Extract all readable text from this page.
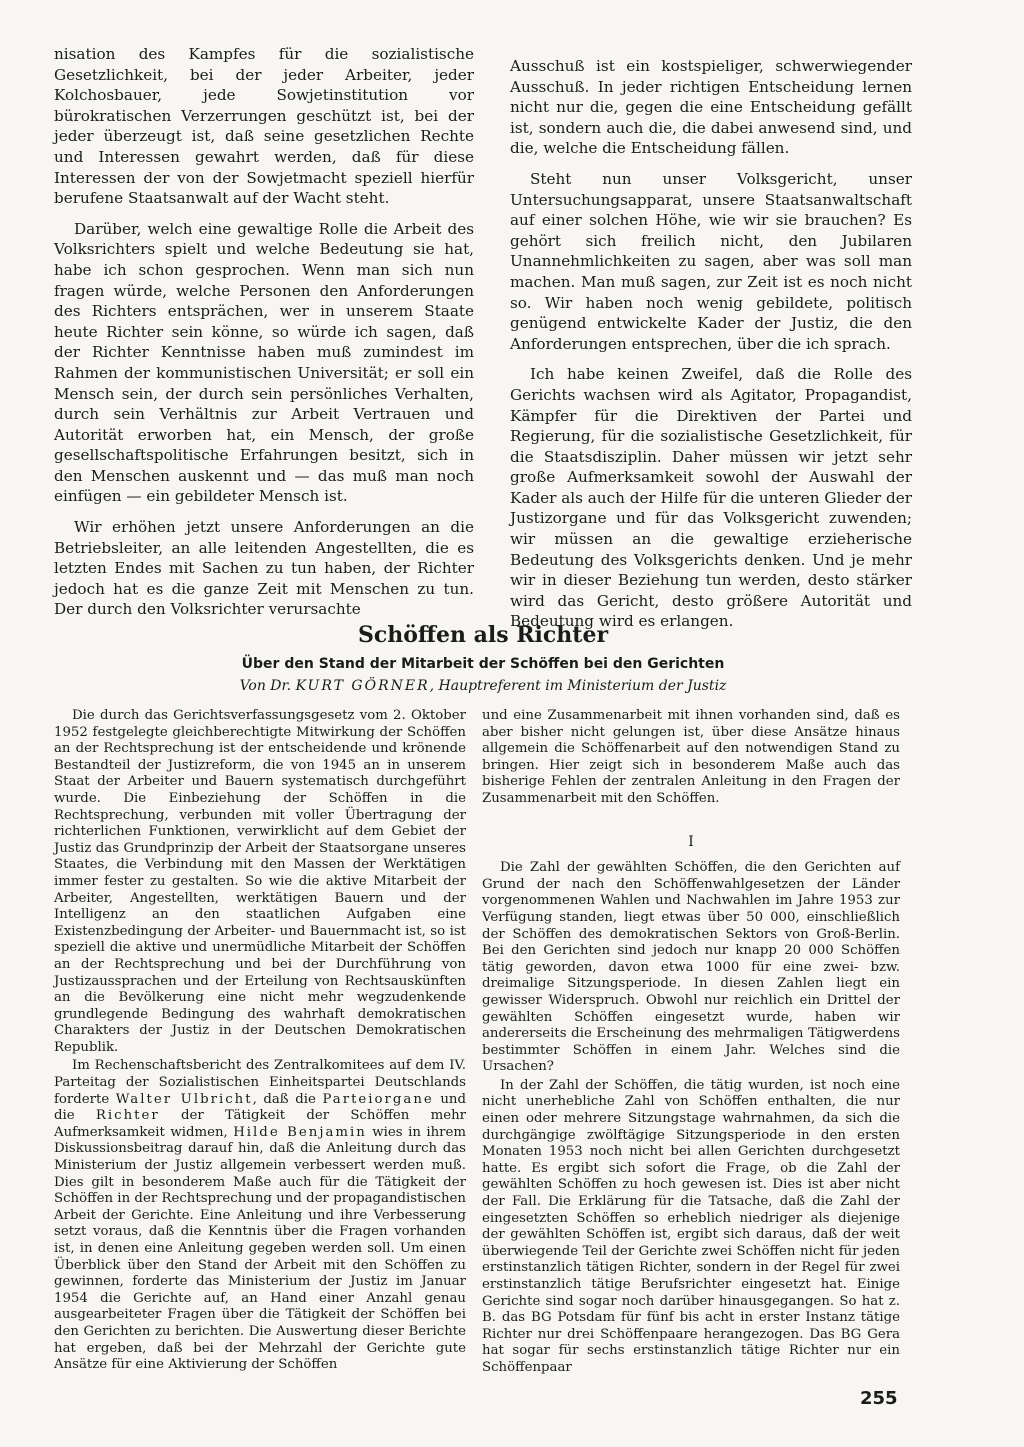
nisation des Kampfes für die sozialistische Gesetzlichkeit, bei der jeder Arbeiter, jeder Kolchosbauer, jede Sowjetinstitution vor bürokratischen Verzerrungen geschützt ist, bei der jeder überzeugt ist, daß seine gesetzlichen Rechte und Interessen gewahrt werden, daß für diese Interessen der von der Sowjetmacht speziell hierfür berufene Staatsanwalt auf der Wacht steht.

Darüber, welch eine gewaltige Rolle die Arbeit des Volksrichters spielt und welche Bedeutung sie hat, habe ich schon gesprochen. Wenn man sich nun fragen würde, welche Personen den Anforderungen des Richters entsprächen, wer in unserem Staate heute Richter sein könne, so würde ich sagen, daß der Richter Kenntnisse haben muß zumindest im Rahmen der kommunistischen Universität; er soll ein Mensch sein, der durch sein persönliches Verhalten, durch sein Verhältnis zur Arbeit Vertrauen und Autorität erworben hat, ein Mensch, der große gesellschaftspolitische Erfahrungen besitzt, sich in den Menschen auskennt und — das muß man noch einfügen — ein gebildeter Mensch ist.

Wir erhöhen jetzt unsere Anforderungen an die Betriebsleiter, an alle leitenden Angestellten, die es letzten Endes mit Sachen zu tun haben, der Richter jedoch hat es die ganze Zeit mit Menschen zu tun. Der durch den Volksrichter verursachte

Ausschuß ist ein kostspieliger, schwerwiegender Ausschuß. In jeder richtigen Entscheidung lernen nicht nur die, gegen die eine Entscheidung gefällt ist, sondern auch die, die dabei anwesend sind, und die, welche die Entscheidung fällen.

Steht nun unser Volksgericht, unser Untersuchungsapparat, unsere Staatsanwaltschaft auf einer solchen Höhe, wie wir sie brauchen? Es gehört sich freilich nicht, den Jubilaren Unannehmlichkeiten zu sagen, aber was soll man machen. Man muß sagen, zur Zeit ist es noch nicht so. Wir haben noch wenig gebildete, politisch genügend entwickelte Kader der Justiz, die den Anforderungen entsprechen, über die ich sprach.

Ich habe keinen Zweifel, daß die Rolle des Gerichts wachsen wird als Agitator, Propagandist, Kämpfer für die Direktiven der Partei und Regierung, für die sozialistische Gesetzlichkeit, für die Staatsdisziplin. Daher müssen wir jetzt sehr große Aufmerksamkeit sowohl der Auswahl der Kader als auch der Hilfe für die unteren Glieder der Justizorgane und für das Volksgericht zuwenden; wir müssen an die gewaltige erzieherische Bedeutung des Volksgerichts denken. Und je mehr wir in dieser Beziehung tun werden, desto stärker wird das Gericht, desto größere Autorität und Bedeutung wird es erlangen.

Schöffen als Richter
Über den Stand der Mitarbeit der Schöffen bei den Gerichten
Von Dr. KURT GÖRNER, Hauptreferent im Ministerium der Justiz

Die durch das Gerichtsverfassungsgesetz vom 2. Oktober 1952 festgelegte gleichberechtigte Mitwirkung der Schöffen an der Rechtsprechung ist der entscheidende und krönende Bestandteil der Justizreform, die von 1945 an in unserem Staat der Arbeiter und Bauern systematisch durchgeführt wurde. Die Einbeziehung der Schöffen in die Rechtsprechung, verbunden mit voller Übertragung der richterlichen Funktionen, verwirklicht auf dem Gebiet der Justiz das Grundprinzip der Arbeit der Staatsorgane unseres Staates, die Verbindung mit den Massen der Werktätigen immer fester zu gestalten. So wie die aktive Mitarbeit der Arbeiter, Angestellten, werktätigen Bauern und der Intelligenz an den staatlichen Aufgaben eine Existenzbedingung der Arbeiter- und Bauernmacht ist, so ist speziell die aktive und unermüdliche Mitarbeit der Schöffen an der Rechtsprechung und bei der Durchführung von Justizaussprachen und der Erteilung von Rechtsauskünften an die Bevölkerung eine nicht mehr wegzudenkende grundlegende Bedingung des wahrhaft demokratischen Charakters der Justiz in der Deutschen Demokratischen Republik.

Im Rechenschaftsbericht des Zentralkomitees auf dem IV. Parteitag der Sozialistischen Einheitspartei Deutschlands forderte Walter Ulbricht, daß die Parteiorgane und die Richter der Tätigkeit der Schöffen mehr Aufmerksamkeit widmen, Hilde Benjamin wies in ihrem Diskussionsbeitrag darauf hin, daß die Anleitung durch das Ministerium der Justiz allgemein verbessert werden muß. Dies gilt in besonderem Maße auch für die Tätigkeit der Schöffen in der Rechtsprechung und der propagandistischen Arbeit der Gerichte. Eine Anleitung und ihre Verbesserung setzt voraus, daß die Kenntnis über die Fragen vorhanden ist, in denen eine Anleitung gegeben werden soll. Um einen Überblick über den Stand der Arbeit mit den Schöffen zu gewinnen, forderte das Ministerium der Justiz im Januar 1954 die Gerichte auf, an Hand einer Anzahl genau ausgearbeiteter Fragen über die Tätigkeit der Schöffen bei den Gerichten zu berichten. Die Auswertung dieser Berichte hat ergeben, daß bei der Mehrzahl der Gerichte gute Ansätze für eine Aktivierung der Schöffen

und eine Zusammenarbeit mit ihnen vorhanden sind, daß es aber bisher nicht gelungen ist, über diese Ansätze hinaus allgemein die Schöffenarbeit auf den notwendigen Stand zu bringen. Hier zeigt sich in besonderem Maße auch das bisherige Fehlen der zentralen Anleitung in den Fragen der Zusammenarbeit mit den Schöffen.

I

Die Zahl der gewählten Schöffen, die den Gerichten auf Grund der nach den Schöffenwahlgesetzen der Länder vorgenommenen Wahlen und Nachwahlen im Jahre 1953 zur Verfügung standen, liegt etwas über 50 000, einschließlich der Schöffen des demokratischen Sektors von Groß-Berlin. Bei den Gerichten sind jedoch nur knapp 20 000 Schöffen tätig geworden, davon etwa 1000 für eine zwei- bzw. dreimalige Sitzungsperiode. In diesen Zahlen liegt ein gewisser Widerspruch. Obwohl nur reichlich ein Drittel der gewählten Schöffen eingesetzt wurde, haben wir andererseits die Erscheinung des mehrmaligen Tätigwerdens bestimmter Schöffen in einem Jahr. Welches sind die Ursachen?

In der Zahl der Schöffen, die tätig wurden, ist noch eine nicht unerhebliche Zahl von Schöffen enthalten, die nur einen oder mehrere Sitzungstage wahrnahmen, da sich die durchgängige zwölftägige Sitzungsperiode in den ersten Monaten 1953 noch nicht bei allen Gerichten durchgesetzt hatte. Es ergibt sich sofort die Frage, ob die Zahl der gewählten Schöffen zu hoch gewesen ist. Dies ist aber nicht der Fall. Die Erklärung für die Tatsache, daß die Zahl der eingesetzten Schöffen so erheblich niedriger als diejenige der gewählten Schöffen ist, ergibt sich daraus, daß der weit überwiegende Teil der Gerichte zwei Schöffen nicht für jeden erstinstanzlich tätigen Richter, sondern in der Regel für zwei erstinstanzlich tätige Berufsrichter eingesetzt hat. Einige Gerichte sind sogar noch darüber hinausgegangen. So hat z. B. das BG Potsdam für fünf bis acht in erster Instanz tätige Richter nur drei Schöffenpaare herangezogen. Das BG Gera hat sogar für sechs erstinstanzlich tätige Richter nur ein Schöffenpaar

255
